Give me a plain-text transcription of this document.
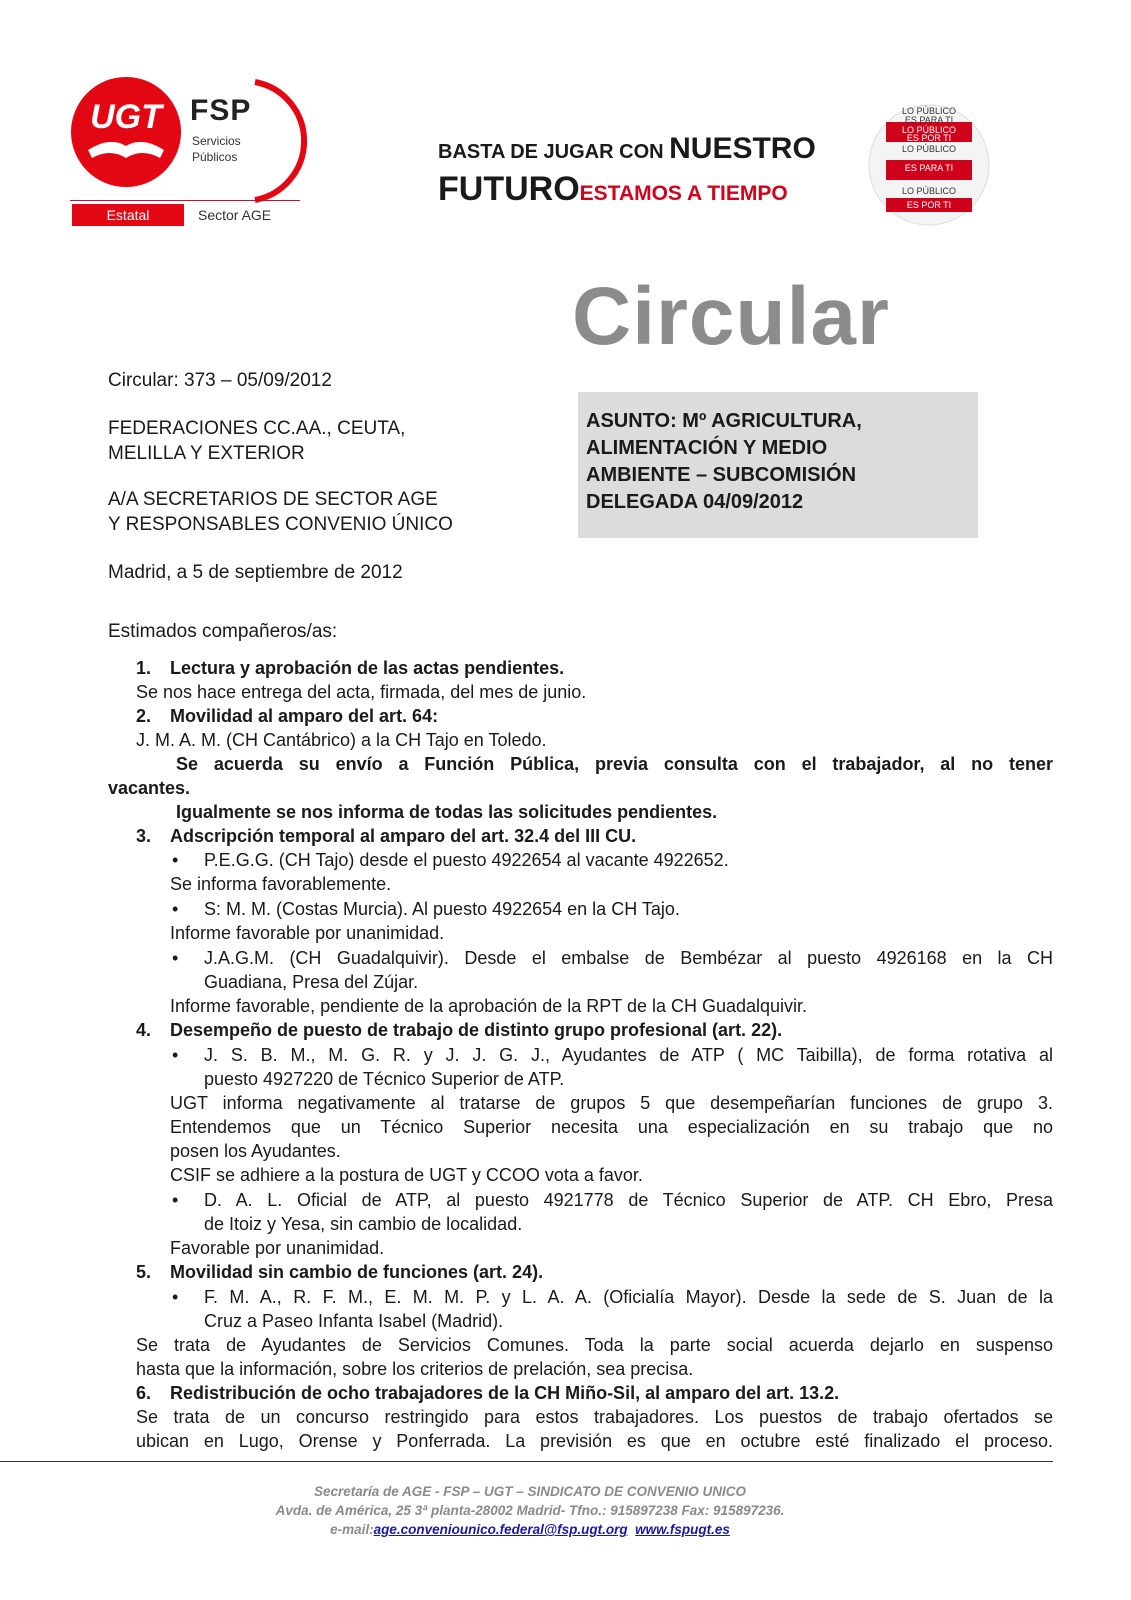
UGT FSP
Servicios
Públicos
Estatal	Sector AGE
BASTA DE JUGAR CON NUESTRO
FUTUROESTAMOS A TIEMPO
LO PÚBLICO
ES PARA TI
LO PÚBLICO
ES POR TI
LO PÚBLICO
ES PARA TI
LO PÚBLICO
ES POR TI
Circular
Circular: 373 – 05/09/2012
FEDERACIONES CC.AA., CEUTA,
MELILLA Y EXTERIOR
A/A SECRETARIOS DE SECTOR AGE
Y RESPONSABLES CONVENIO ÚNICO
Madrid, a 5 de septiembre de 2012
ASUNTO: Mº AGRICULTURA,
ALIMENTACIÓN Y MEDIO
AMBIENTE – SUBCOMISIÓN
DELEGADA 04/09/2012
Estimados compañeros/as:
1. Lectura y aprobación de las actas pendientes.
Se nos hace entrega del acta, firmada, del mes de junio.
2. Movilidad al amparo del art. 64:
J. M. A. M. (CH Cantábrico) a la CH Tajo en Toledo.
Se acuerda su envío a Función Pública, previa consulta con el trabajador, al no tener
vacantes.
Igualmente se nos informa de todas las solicitudes pendientes.
3. Adscripción temporal al amparo del art. 32.4 del III CU.
• P.E.G.G. (CH Tajo) desde el puesto 4922654 al vacante 4922652.
Se informa favorablemente.
• S: M. M. (Costas Murcia). Al puesto 4922654 en la CH Tajo.
Informe favorable por unanimidad.
• J.A.G.M. (CH Guadalquivir). Desde el embalse de Bembézar al puesto 4926168 en la CH
Guadiana, Presa del Zújar.
Informe favorable, pendiente de la aprobación de la RPT de la CH Guadalquivir.
4. Desempeño de puesto de trabajo de distinto grupo profesional (art. 22).
• J. S. B. M., M. G. R. y J. J. G. J., Ayudantes de ATP ( MC Taibilla), de forma rotativa al
puesto 4927220 de Técnico Superior de ATP.
UGT informa negativamente al tratarse de grupos 5 que desempeñarían funciones de grupo 3.
Entendemos que un Técnico Superior necesita una especialización en su trabajo que no
posen los Ayudantes.
CSIF se adhiere a la postura de UGT y CCOO vota a favor.
• D. A. L. Oficial de ATP, al puesto 4921778 de Técnico Superior de ATP. CH Ebro, Presa
de Itoiz y Yesa, sin cambio de localidad.
Favorable por unanimidad.
5. Movilidad sin cambio de funciones (art. 24).
• F. M. A., R. F. M., E. M. M. P. y L. A. A. (Oficialía Mayor). Desde la sede de S. Juan de la
Cruz a Paseo Infanta Isabel (Madrid).
Se trata de Ayudantes de Servicios Comunes. Toda la parte social acuerda dejarlo en suspenso
hasta que la información, sobre los criterios de prelación, sea precisa.
6. Redistribución de ocho trabajadores de la CH Miño-Sil, al amparo del art. 13.2.
Se trata de un concurso restringido para estos trabajadores. Los puestos de trabajo ofertados se
ubican en Lugo, Orense y Ponferrada. La previsión es que en octubre esté finalizado el proceso.
Secretaría de AGE - FSP – UGT – SINDICATO DE CONVENIO UNICO
Avda. de América, 25 3ª planta-28002 Madrid- Tfno.: 915897238 Fax: 915897236.
e-mail:age.conveniounico.federal@fsp.ugt.org www.fspugt.es
